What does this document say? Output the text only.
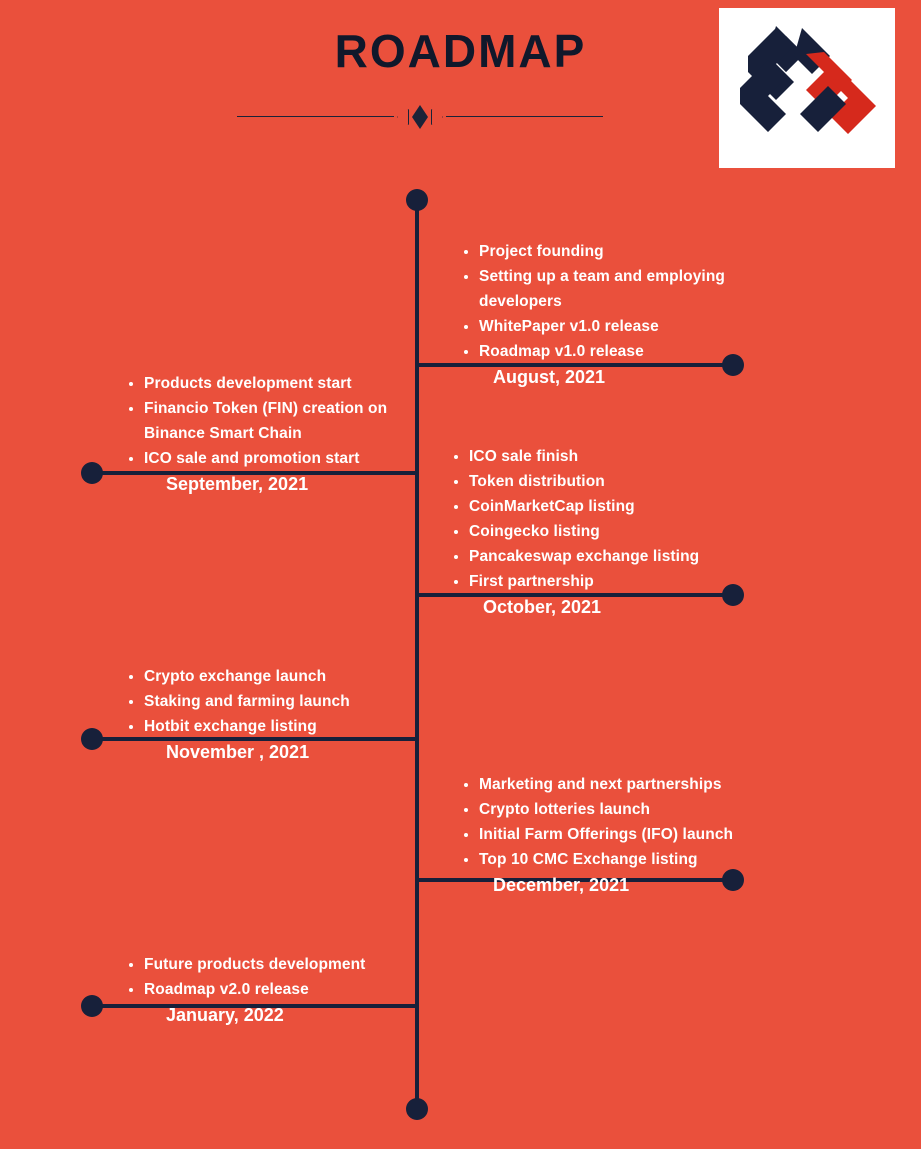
ROADMAP
• Project founding
• Setting up a team and employing developers
• WhitePaper v1.0 release
• Roadmap v1.0 release
August, 2021
• Products development start
• Financio Token (FIN) creation on Binance Smart Chain
• ICO sale and promotion start
September, 2021
• ICO sale finish
• Token distribution
• CoinMarketCap listing
• Coingecko listing
• Pancakeswap exchange listing
• First partnership
October, 2021
• Crypto exchange launch
• Staking and farming launch
• Hotbit exchange listing
November , 2021
• Marketing and next partnerships
• Crypto lotteries launch
• Initial Farm Offerings (IFO) launch
• Top 10 CMC Exchange listing
December, 2021
• Future products development
• Roadmap v2.0 release
January, 2022
